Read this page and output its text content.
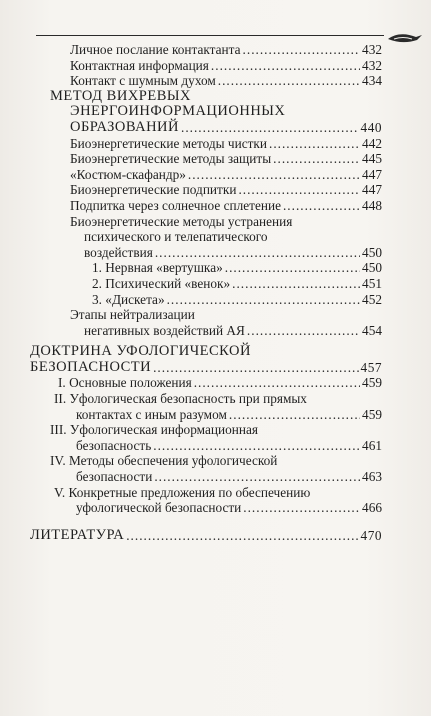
Личное послание контактанта .....	432
Контактная информация .....	432
Контакт с шумным духом .....	434
МЕТОД ВИХРЕВЫХ
ЭНЕРГОИНФОРМАЦИОННЫХ
ОБРАЗОВАНИЙ .....	440
Биоэнергетические методы чистки .....	442
Биоэнергетические методы защиты .....	445
«Костюм-скафандр» .....	447
Биоэнергетические подпитки .....	447
Подпитка через солнечное сплетение .....	448
Биоэнергетические методы устранения
психического и телепатического
воздействия .....	450
1. Нервная «вертушка» .....	450
2. Психический «венок» .....	451
3. «Дискета» .....	452
Этапы нейтрализации
негативных воздействий АЯ .....	454
ДОКТРИНА УФОЛОГИЧЕСКОЙ
БЕЗОПАСНОСТИ .....	457
I. Основные положения .....	459
II. Уфологическая безопасность при прямых
контактах с иным разумом .....	459
III. Уфологическая информационная
безопасность .....	461
IV. Методы обеспечения уфологической
безопасности .....	463
V. Конкретные предложения по обеспечению
уфологической безопасности .....	466
ЛИТЕРАТУРА .....	470
